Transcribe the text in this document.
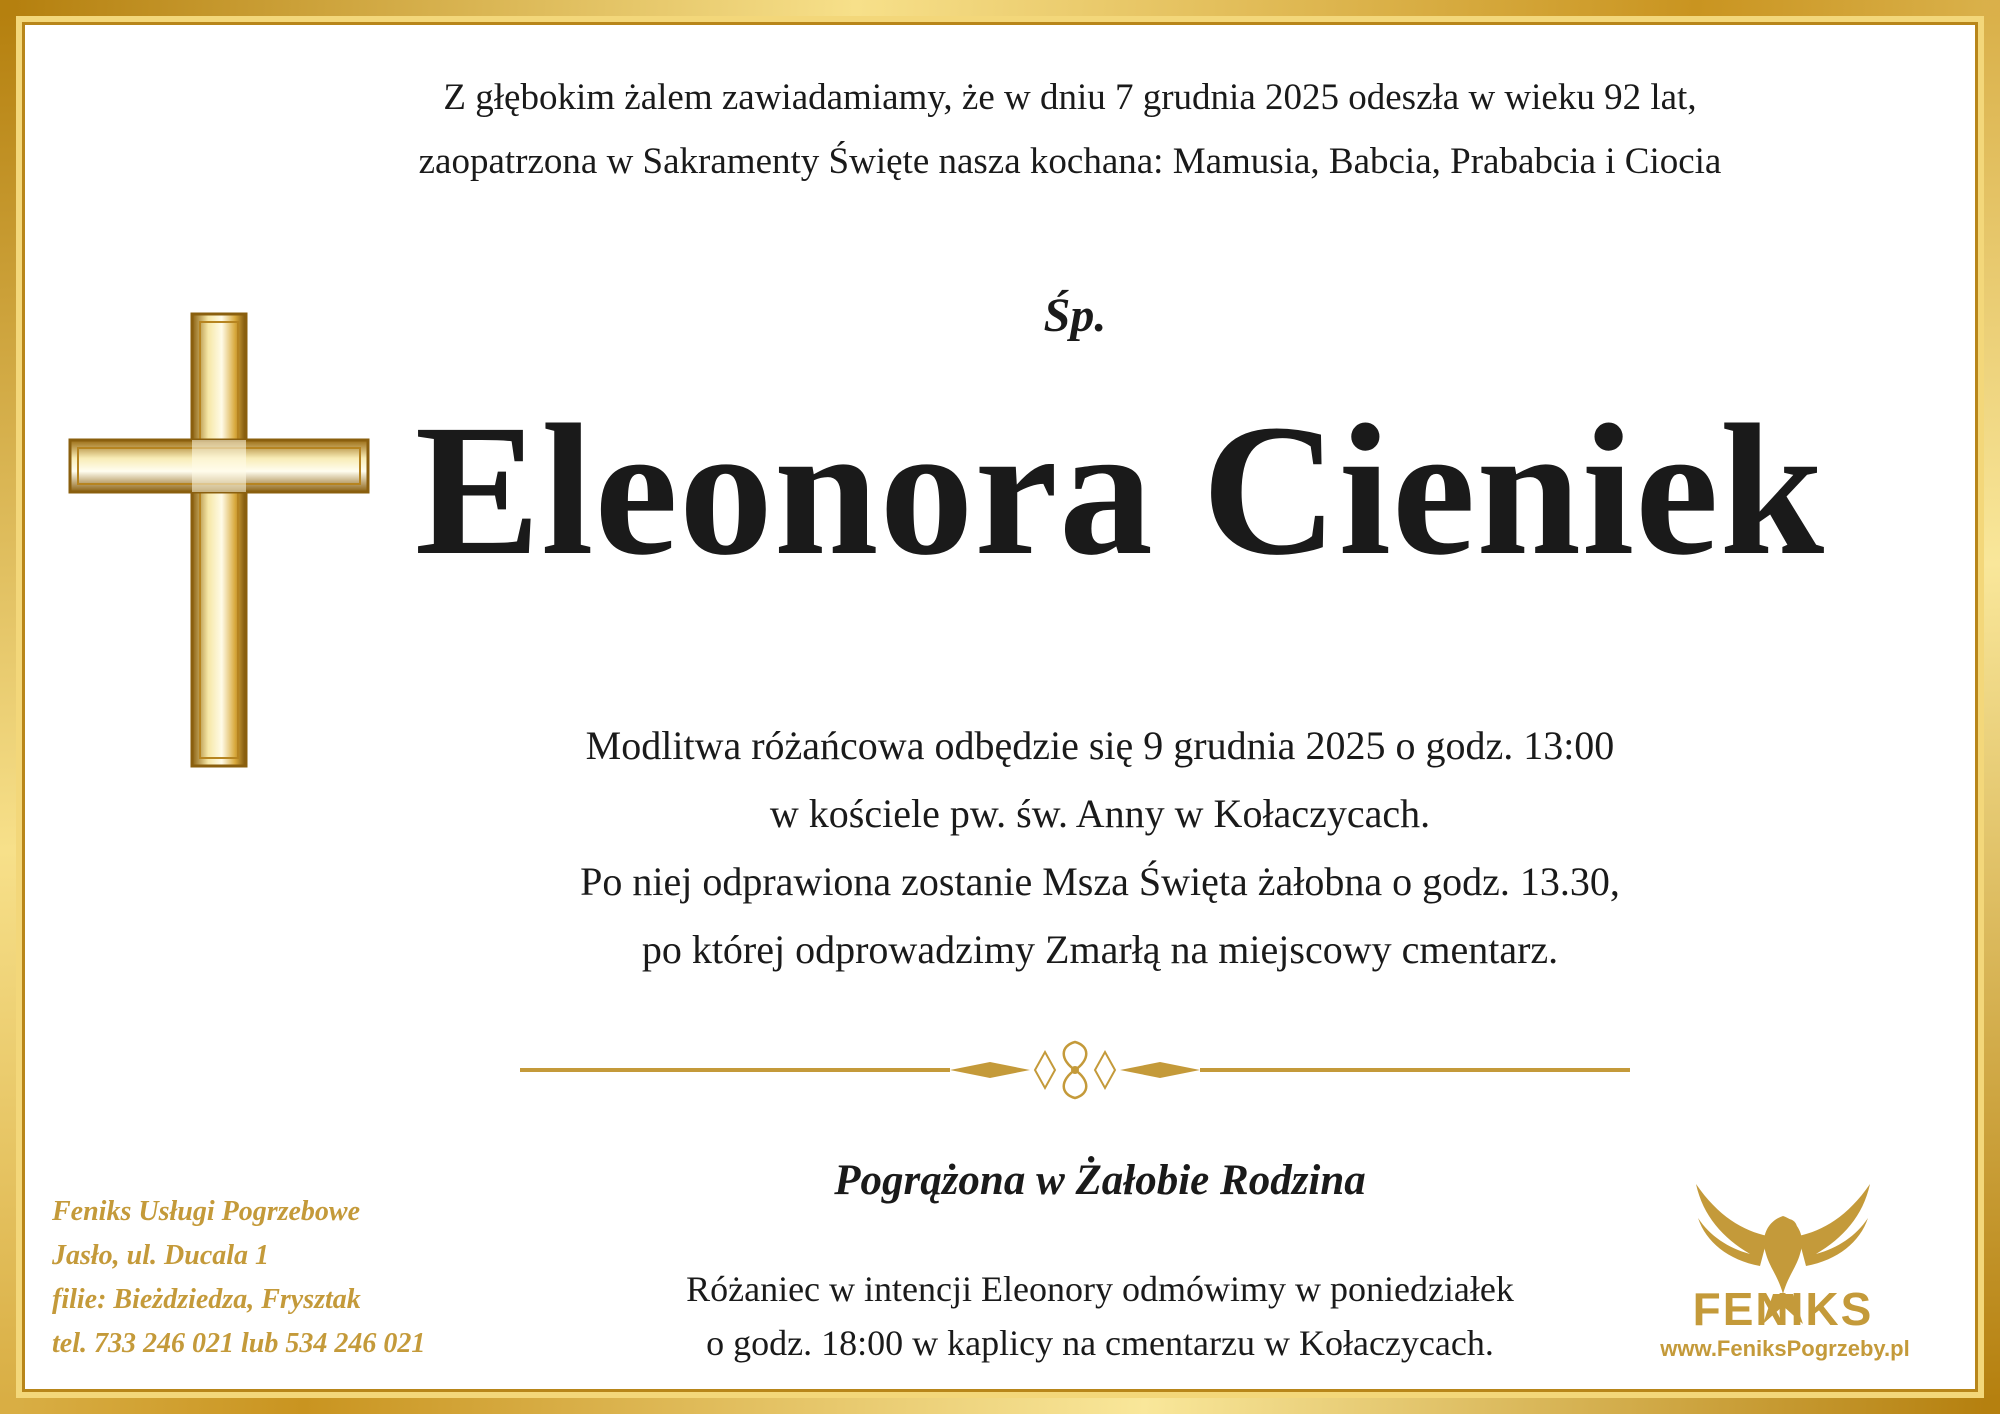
Z głębokim żalem zawiadamiamy, że w dniu 7 grudnia 2025 odeszła w wieku 92 lat,
zaopatrzona w Sakramenty Święte nasza kochana: Mamusia, Babcia, Prababcia i Ciocia
Śp.
Eleonora Cieniek
Modlitwa różańcowa odbędzie się 9 grudnia 2025 o godz. 13:00
w kościele pw. św. Anny w Kołaczycach.
Po niej odprawiona zostanie Msza Święta żałobna o godz. 13.30,
po której odprowadzimy Zmarłą na miejscowy cmentarz.
Pogrążona w Żałobie Rodzina
Różaniec w intencji Eleonory odmówimy w poniedziałek
o godz. 18:00 w kaplicy na cmentarzu w Kołaczycach.
Feniks Usługi Pogrzebowe
Jasło, ul. Ducala 1
filie: Bieżdziedza, Frysztak
tel. 733 246 021 lub 534 246 021
FENIKS
www.FeniksPogrzeby.pl
